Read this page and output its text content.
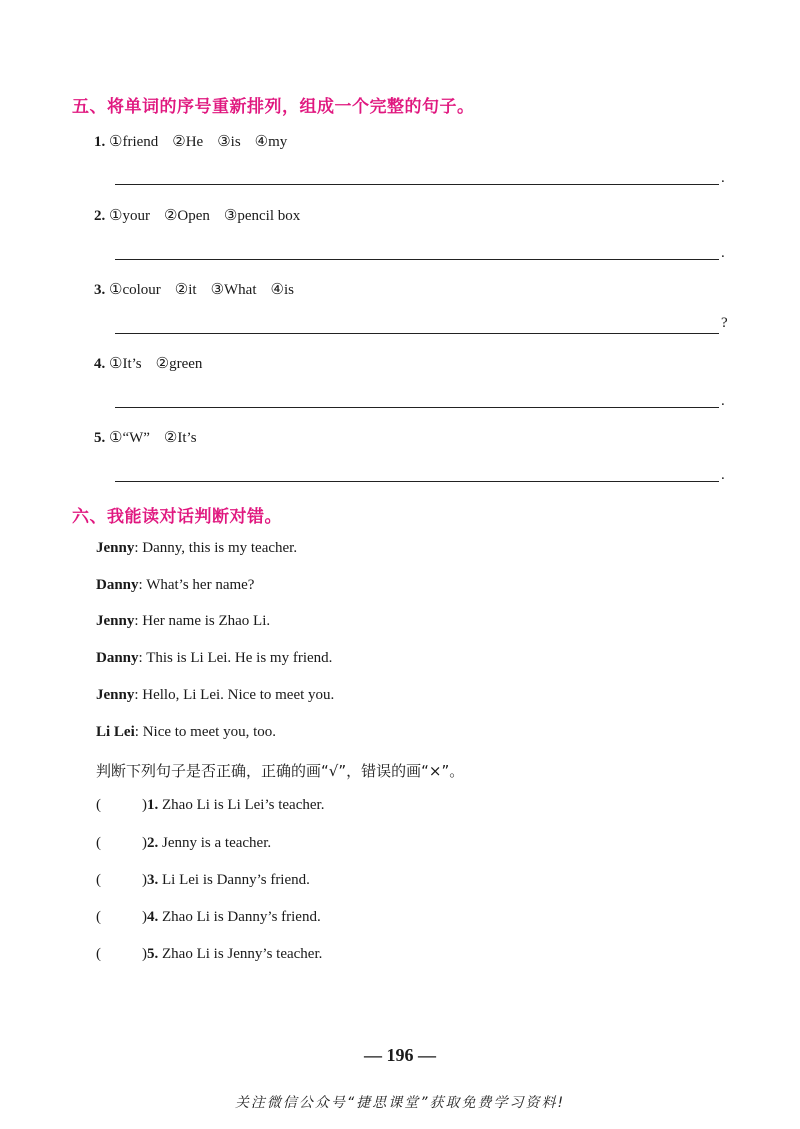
五、将单词的序号重新排列，组成一个完整的句子。
1. ①friend ②He ③is ④my
.
2. ①your ②Open ③pencil box
.
3. ①colour ②it ③What ④is
?
4. ①It’s ②green
.
5. ①“W” ②It’s
.
六、我能读对话判断对错。
Jenny: Danny, this is my teacher.
Danny: What’s her name?
Jenny: Her name is Zhao Li.
Danny: This is Li Lei. He is my friend.
Jenny: Hello, Li Lei. Nice to meet you.
Li Lei: Nice to meet you, too.
判断下列句子是否正确，正确的画“√”，错误的画“×”。
(	)1. Zhao Li is Li Lei’s teacher.
(	)2. Jenny is a teacher.
(	)3. Li Lei is Danny’s friend.
(	)4. Zhao Li is Danny’s friend.
(	)5. Zhao Li is Jenny’s teacher.
— 196 —
关注微信公众号“捷思课堂”获取免费学习资料!
